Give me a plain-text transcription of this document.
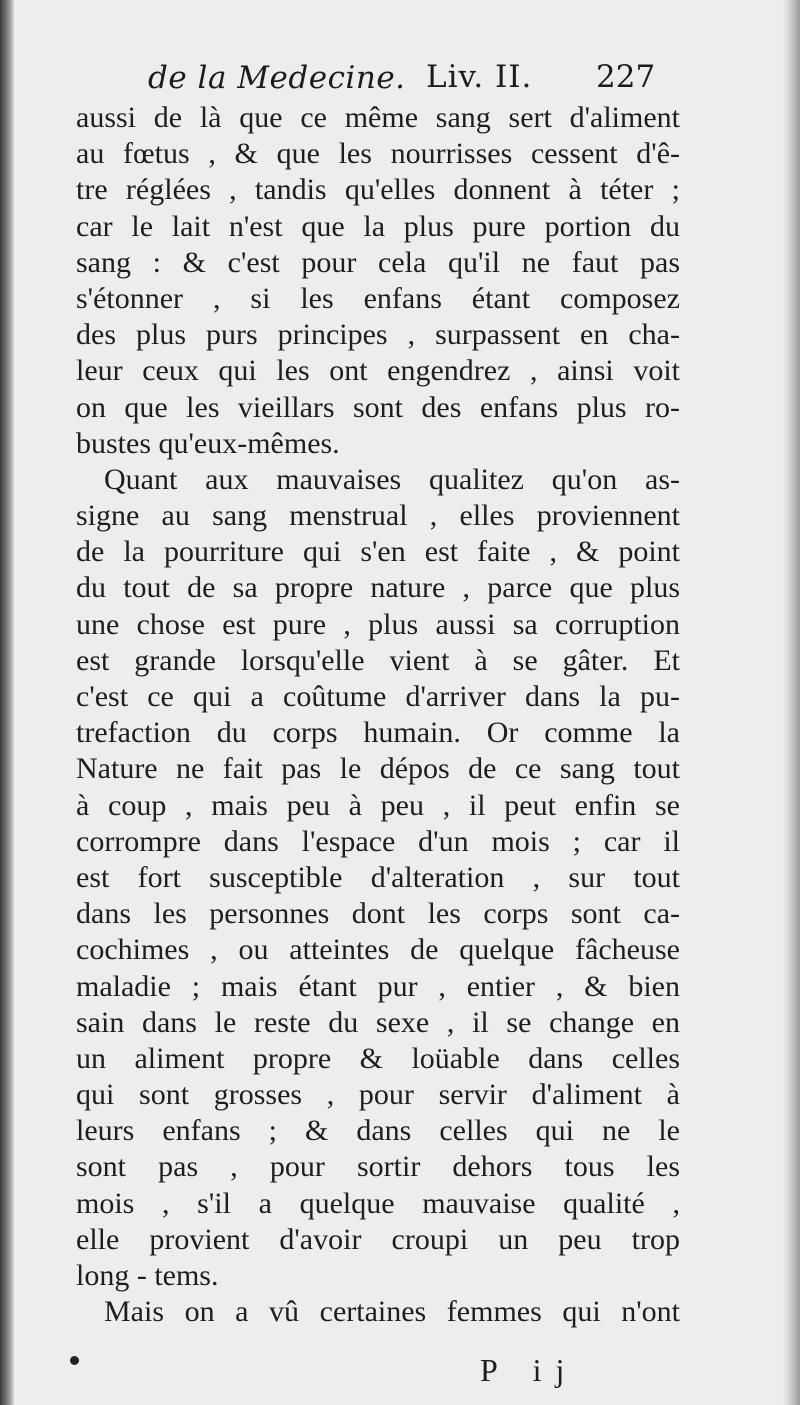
de la Medecine. Liv. II. 227
aussi de là que ce même sang sert d'aliment
au fœtus , & que les nourrisses cessent d'ê-
tre réglées , tandis qu'elles donnent à téter ;
car le lait n'est que la plus pure portion du
sang : & c'est pour cela qu'il ne faut pas
s'étonner , si les enfans étant composez
des plus purs principes , surpassent en cha-
leur ceux qui les ont engendrez , ainsi voit
on que les vieillars sont des enfans plus ro-
bustes qu'eux-mêmes.
Quant aux mauvaises qualitez qu'on as-
signe au sang menstrual , elles proviennent
de la pourriture qui s'en est faite , & point
du tout de sa propre nature , parce que plus
une chose est pure , plus aussi sa corruption
est grande lorsqu'elle vient à se gâter. Et
c'est ce qui a coûtume d'arriver dans la pu-
trefaction du corps humain. Or comme la
Nature ne fait pas le dépos de ce sang tout
à coup , mais peu à peu , il peut enfin se
corrompre dans l'espace d'un mois ; car il
est fort susceptible d'alteration , sur tout
dans les personnes dont les corps sont ca-
cochimes , ou atteintes de quelque fâcheuse
maladie ; mais étant pur , entier , & bien
sain dans le reste du sexe , il se change en
un aliment propre & loüable dans celles
qui sont grosses , pour servir d'aliment à
leurs enfans ; & dans celles qui ne le
sont pas , pour sortir dehors tous les
mois , s'il a quelque mauvaise qualité ,
elle provient d'avoir croupi un peu trop
long - tems.
Mais on a vû certaines femmes qui n'ont
P ij
